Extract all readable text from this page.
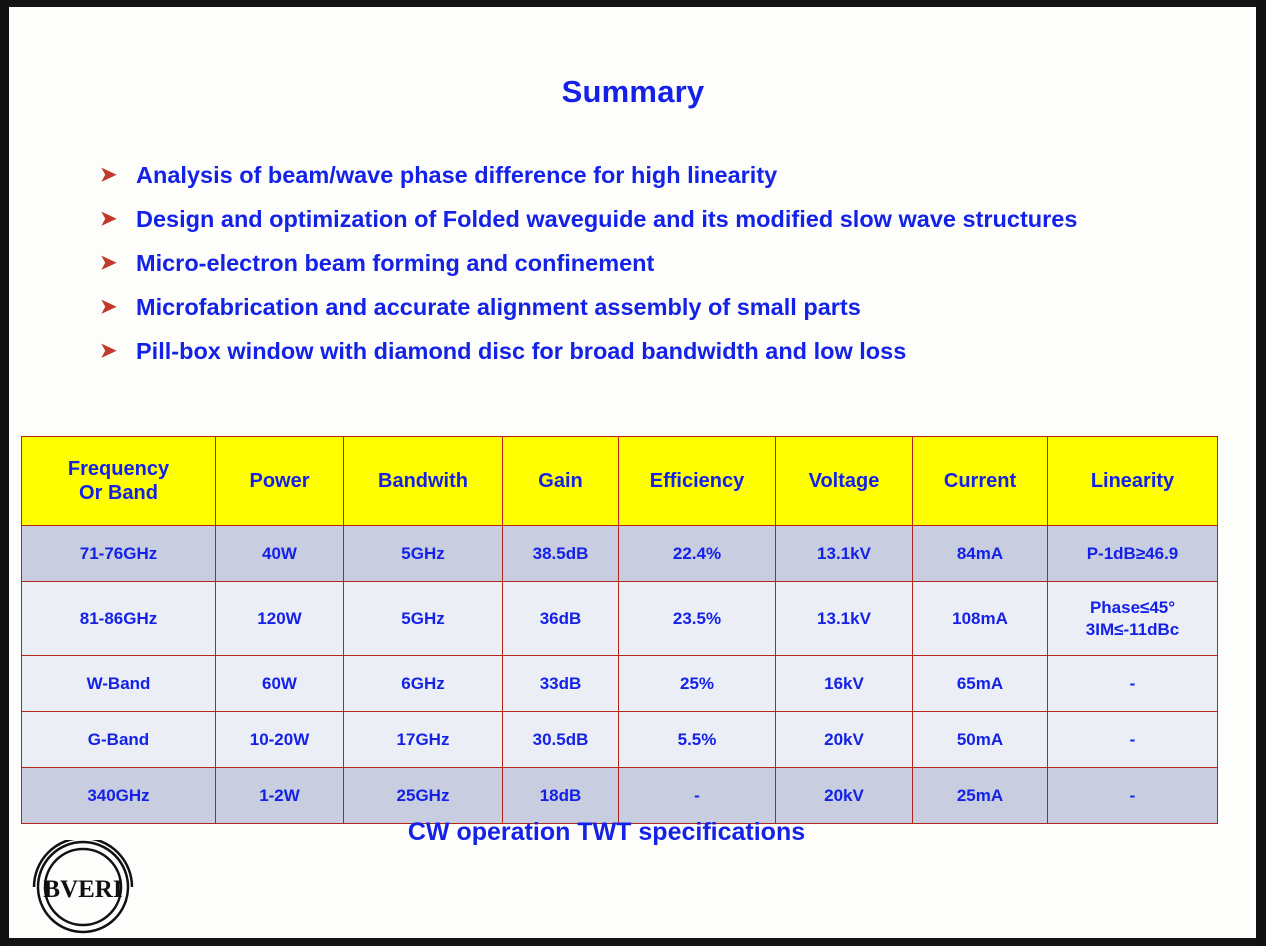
Summary
➤ Analysis of beam/wave phase difference for high linearity
➤ Design and optimization of Folded waveguide and its modified slow wave structures
➤ Micro-electron beam forming and confinement
➤ Microfabrication and accurate alignment assembly of small parts
➤ Pill-box window with diamond disc for broad bandwidth and low loss
Frequency
Or Band	Power	Bandwith	Gain	Efficiency	Voltage	Current	Linearity
71-76GHz	40W	5GHz	38.5dB	22.4%	13.1kV	84mA	P-1dB≥46.9
81-86GHz	120W	5GHz	36dB	23.5%	13.1kV	108mA	Phase≤45°
3IM≤-11dBc

W-Band	60W	6GHz	33dB	25%	16kV	65mA	-
G-Band	10-20W	17GHz	30.5dB	5.5%	20kV	50mA	-
340GHz	1-2W	25GHz	18dB	-	20kV	25mA	-
CW operation TWT specifications
BVERI
